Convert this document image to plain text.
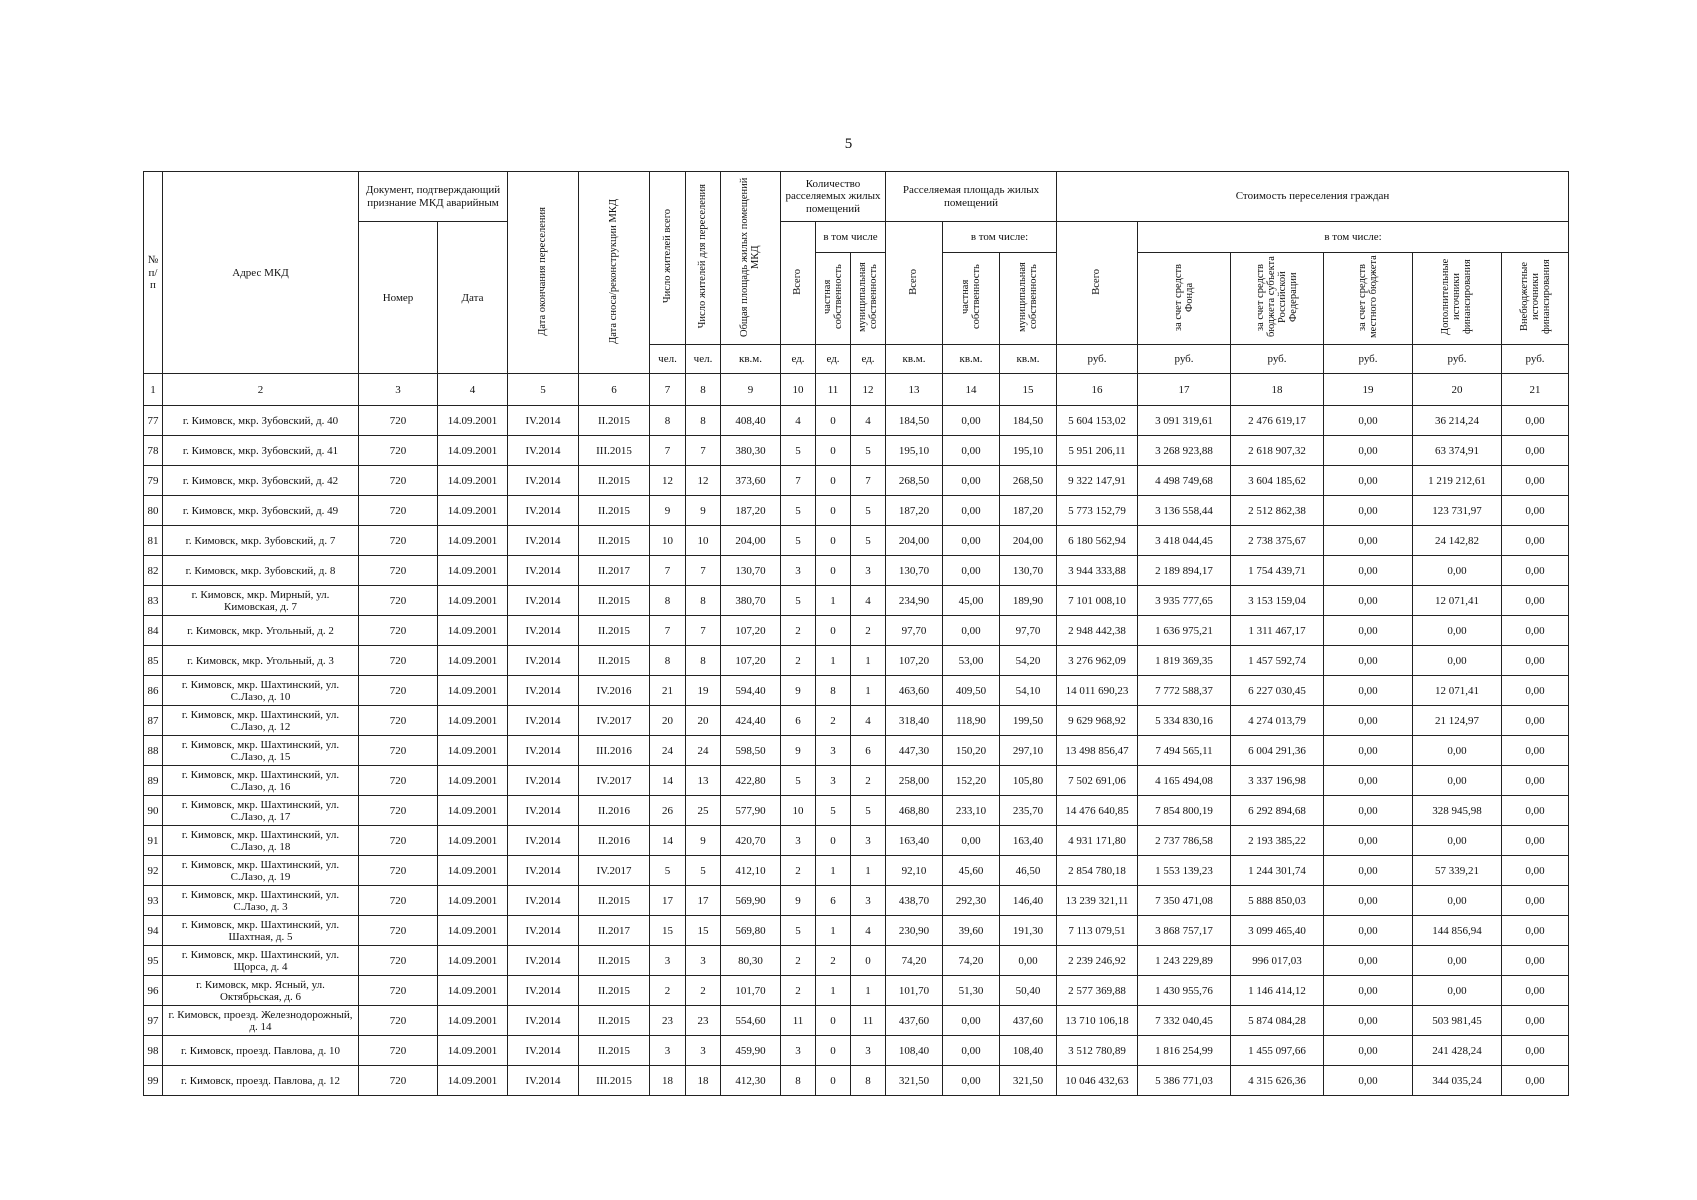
5
№ п/п	Адрес МКД	Документ, подтверждающий признание МКД аварийным		Дата окончания переселения	Дата сноса/реконструкции МКД	Число жителей всего	Число жителей для переселения	Общая площадь жилых помещений МКД	Количество расселяемых жилых помещений			Расселяемая площадь жилых помещений			Стоимость переселения граждан					
		Номер	Дата						Всего	в том числе		Всего	в том числе:		Всего	в том числе:				
										частная собственность	муниципальная собственность		частная собственность	муниципальная собственность		за счет средств Фонда	за счет средств бюджета субъекта Российской Федерации	за счет средств местного бюджета	Дополнительные источники финансирования	Внебюджетные источники финансирования
						чел.	чел.	кв.м.	ед.	ед.	ед.	кв.м.	кв.м.	кв.м.	руб.	руб.	руб.	руб.	руб.	руб.
1	2	3	4	5	6	7	8	9	10	11	12	13	14	15	16	17	18	19	20	21
77	г. Кимовск, мкр. Зубовский, д. 40	720	14.09.2001	IV.2014	II.2015	8	8	408,40	4	0	4	184,50	0,00	184,50	5 604 153,02	3 091 319,61	2 476 619,17	0,00	36 214,24	0,00
78	г. Кимовск, мкр. Зубовский, д. 41	720	14.09.2001	IV.2014	III.2015	7	7	380,30	5	0	5	195,10	0,00	195,10	5 951 206,11	3 268 923,88	2 618 907,32	0,00	63 374,91	0,00
79	г. Кимовск, мкр. Зубовский, д. 42	720	14.09.2001	IV.2014	II.2015	12	12	373,60	7	0	7	268,50	0,00	268,50	9 322 147,91	4 498 749,68	3 604 185,62	0,00	1 219 212,61	0,00
80	г. Кимовск, мкр. Зубовский, д. 49	720	14.09.2001	IV.2014	II.2015	9	9	187,20	5	0	5	187,20	0,00	187,20	5 773 152,79	3 136 558,44	2 512 862,38	0,00	123 731,97	0,00
81	г. Кимовск, мкр. Зубовский, д. 7	720	14.09.2001	IV.2014	II.2015	10	10	204,00	5	0	5	204,00	0,00	204,00	6 180 562,94	3 418 044,45	2 738 375,67	0,00	24 142,82	0,00
82	г. Кимовск, мкр. Зубовский, д. 8	720	14.09.2001	IV.2014	II.2017	7	7	130,70	3	0	3	130,70	0,00	130,70	3 944 333,88	2 189 894,17	1 754 439,71	0,00	0,00	0,00
83	г. Кимовск, мкр. Мирный, ул. Кимовская, д. 7	720	14.09.2001	IV.2014	II.2015	8	8	380,70	5	1	4	234,90	45,00	189,90	7 101 008,10	3 935 777,65	3 153 159,04	0,00	12 071,41	0,00
84	г. Кимовск, мкр. Угольный, д. 2	720	14.09.2001	IV.2014	II.2015	7	7	107,20	2	0	2	97,70	0,00	97,70	2 948 442,38	1 636 975,21	1 311 467,17	0,00	0,00	0,00
85	г. Кимовск, мкр. Угольный, д. 3	720	14.09.2001	IV.2014	II.2015	8	8	107,20	2	1	1	107,20	53,00	54,20	3 276 962,09	1 819 369,35	1 457 592,74	0,00	0,00	0,00
86	г. Кимовск, мкр. Шахтинский, ул. С.Лазо, д. 10	720	14.09.2001	IV.2014	IV.2016	21	19	594,40	9	8	1	463,60	409,50	54,10	14 011 690,23	7 772 588,37	6 227 030,45	0,00	12 071,41	0,00
87	г. Кимовск, мкр. Шахтинский, ул. С.Лазо, д. 12	720	14.09.2001	IV.2014	IV.2017	20	20	424,40	6	2	4	318,40	118,90	199,50	9 629 968,92	5 334 830,16	4 274 013,79	0,00	21 124,97	0,00
88	г. Кимовск, мкр. Шахтинский, ул. С.Лазо, д. 15	720	14.09.2001	IV.2014	III.2016	24	24	598,50	9	3	6	447,30	150,20	297,10	13 498 856,47	7 494 565,11	6 004 291,36	0,00	0,00	0,00
89	г. Кимовск, мкр. Шахтинский, ул. С.Лазо, д. 16	720	14.09.2001	IV.2014	IV.2017	14	13	422,80	5	3	2	258,00	152,20	105,80	7 502 691,06	4 165 494,08	3 337 196,98	0,00	0,00	0,00
90	г. Кимовск, мкр. Шахтинский, ул. С.Лазо, д. 17	720	14.09.2001	IV.2014	II.2016	26	25	577,90	10	5	5	468,80	233,10	235,70	14 476 640,85	7 854 800,19	6 292 894,68	0,00	328 945,98	0,00
91	г. Кимовск, мкр. Шахтинский, ул. С.Лазо, д. 18	720	14.09.2001	IV.2014	II.2016	14	9	420,70	3	0	3	163,40	0,00	163,40	4 931 171,80	2 737 786,58	2 193 385,22	0,00	0,00	0,00
92	г. Кимовск, мкр. Шахтинский, ул. С.Лазо, д. 19	720	14.09.2001	IV.2014	IV.2017	5	5	412,10	2	1	1	92,10	45,60	46,50	2 854 780,18	1 553 139,23	1 244 301,74	0,00	57 339,21	0,00
93	г. Кимовск, мкр. Шахтинский, ул. С.Лазо, д. 3	720	14.09.2001	IV.2014	II.2015	17	17	569,90	9	6	3	438,70	292,30	146,40	13 239 321,11	7 350 471,08	5 888 850,03	0,00	0,00	0,00
94	г. Кимовск, мкр. Шахтинский, ул. Шахтная, д. 5	720	14.09.2001	IV.2014	II.2017	15	15	569,80	5	1	4	230,90	39,60	191,30	7 113 079,51	3 868 757,17	3 099 465,40	0,00	144 856,94	0,00
95	г. Кимовск, мкр. Шахтинский, ул. Щорса, д. 4	720	14.09.2001	IV.2014	II.2015	3	3	80,30	2	2	0	74,20	74,20	0,00	2 239 246,92	1 243 229,89	996 017,03	0,00	0,00	0,00
96	г. Кимовск, мкр. Ясный, ул. Октябрьская, д. 6	720	14.09.2001	IV.2014	II.2015	2	2	101,70	2	1	1	101,70	51,30	50,40	2 577 369,88	1 430 955,76	1 146 414,12	0,00	0,00	0,00
97	г. Кимовск, проезд. Железнодорожный, д. 14	720	14.09.2001	IV.2014	II.2015	23	23	554,60	11	0	11	437,60	0,00	437,60	13 710 106,18	7 332 040,45	5 874 084,28	0,00	503 981,45	0,00
98	г. Кимовск, проезд. Павлова, д. 10	720	14.09.2001	IV.2014	II.2015	3	3	459,90	3	0	3	108,40	0,00	108,40	3 512 780,89	1 816 254,99	1 455 097,66	0,00	241 428,24	0,00
99	г. Кимовск, проезд. Павлова, д. 12	720	14.09.2001	IV.2014	III.2015	18	18	412,30	8	0	8	321,50	0,00	321,50	10 046 432,63	5 386 771,03	4 315 626,36	0,00	344 035,24	0,00
